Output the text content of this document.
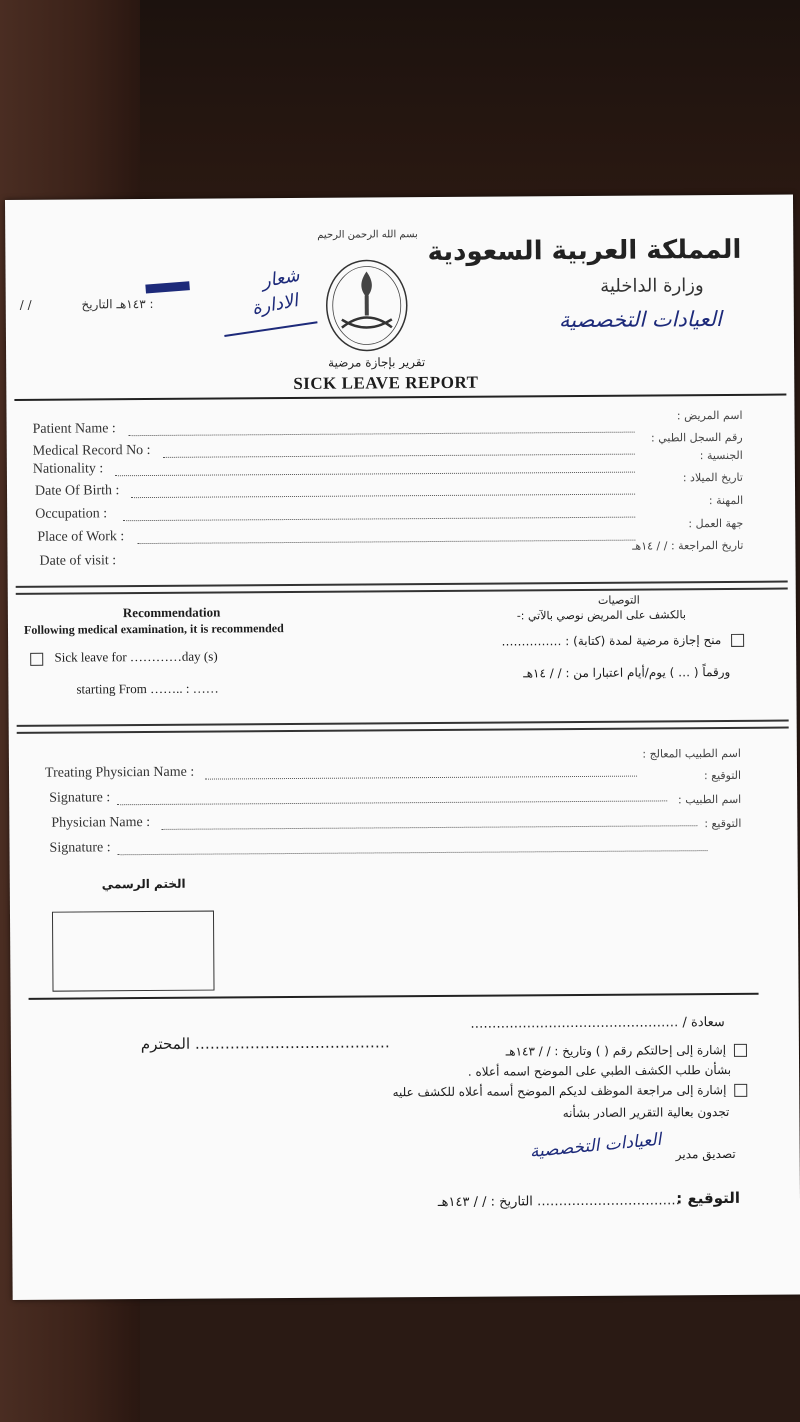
بسم الله الرحمن الرحيم المملكة العربية السعودية
وزارة الداخلية
العيادات التخصصية
/ / ١٤٣هـ التاريخ :
شعار
الادارة
تقرير بإجازة مرضية
SICK LEAVE REPORT
Patient Name :
اسم المريض :
Medical Record No :
رقم السجل الطبي :
Nationality :
الجنسية :
Date Of Birth :
تاريخ الميلاد :
Occupation :
المهنة :
Place of Work :
جهة العمل :
Date of visit :
تاريخ المراجعة : / / ١٤هـ
Recommendation
Following medical examination, it is recommended
Sick leave for …………day (s)
starting From …….. : ……
التوصيات
بالكشف على المريض نوصي بالآتي :-
منح إجازة مرضية لمدة (كتابة) : ……………
ورقماً ( … ) يوم/أيام اعتبارا من : / / ١٤هـ
Treating Physician Name :
اسم الطبيب المعالج :
Signature :
التوقيع :
Physician Name :
اسم الطبيب :
Signature :
التوقيع :
الختم الرسمي
سعادة / …………………………………………
………………………………… المحترم	إشارة إلى إحالتكم رقم ( ) وتاريخ : / / ١٤٣هـ
بشأن طلب الكشف الطبي على الموضح اسمه أعلاه .
إشارة إلى مراجعة الموظف لديكم الموضح أسمه أعلاه للكشف عليه
تجدون بعالية التقرير الصادر بشأنه
تصديق مدير
العيادات التخصصية
التوقيع :
…………………………… التاريخ : / / ١٤٣هـ
